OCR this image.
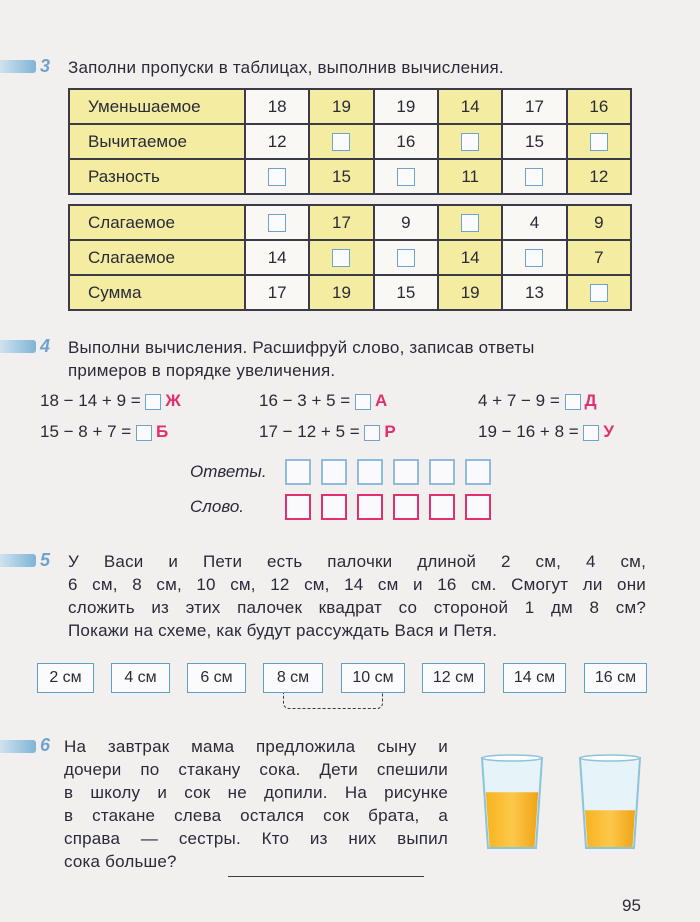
3 Заполни пропуски в таблицах, выполнив вычисления.
Уменьшаемое	18	19	19	14	17	16
Вычитаемое	12		16		15	
Разность		15		11		12
Слагаемое		17	9		4	9
Слагаемое	14			14		7
Сумма	17	19	15	19	13	
4 Выполни вычисления. Расшифруй слово, записав ответы
примеров в порядке увеличения.
18 − 14 + 9 = Ж	16 − 3 + 5 = А	4 + 7 − 9 = Д
15 − 8 + 7 = Б	17 − 12 + 5 = Р	19 − 16 + 8 = У
Ответы.
Слово.
5 У Васи и Пети есть палочки длиной 2 см, 4 см,
6 см, 8 см, 10 см, 12 см, 14 см и 16 см. Смогут ли они
сложить из этих палочек квадрат со стороной 1 дм 8 см?
Покажи на схеме, как будут рассуждать Вася и Петя.
2 см	4 см	6 см	8 см	10 см	12 см	14 см	16 см
6 На завтрак мама предложила сыну и
дочери по стакану сока. Дети спешили
в школу и сок не допили. На рисунке
в стакане слева остался сок брата, а
справа — сестры. Кто из них выпил
сока больше?
95
